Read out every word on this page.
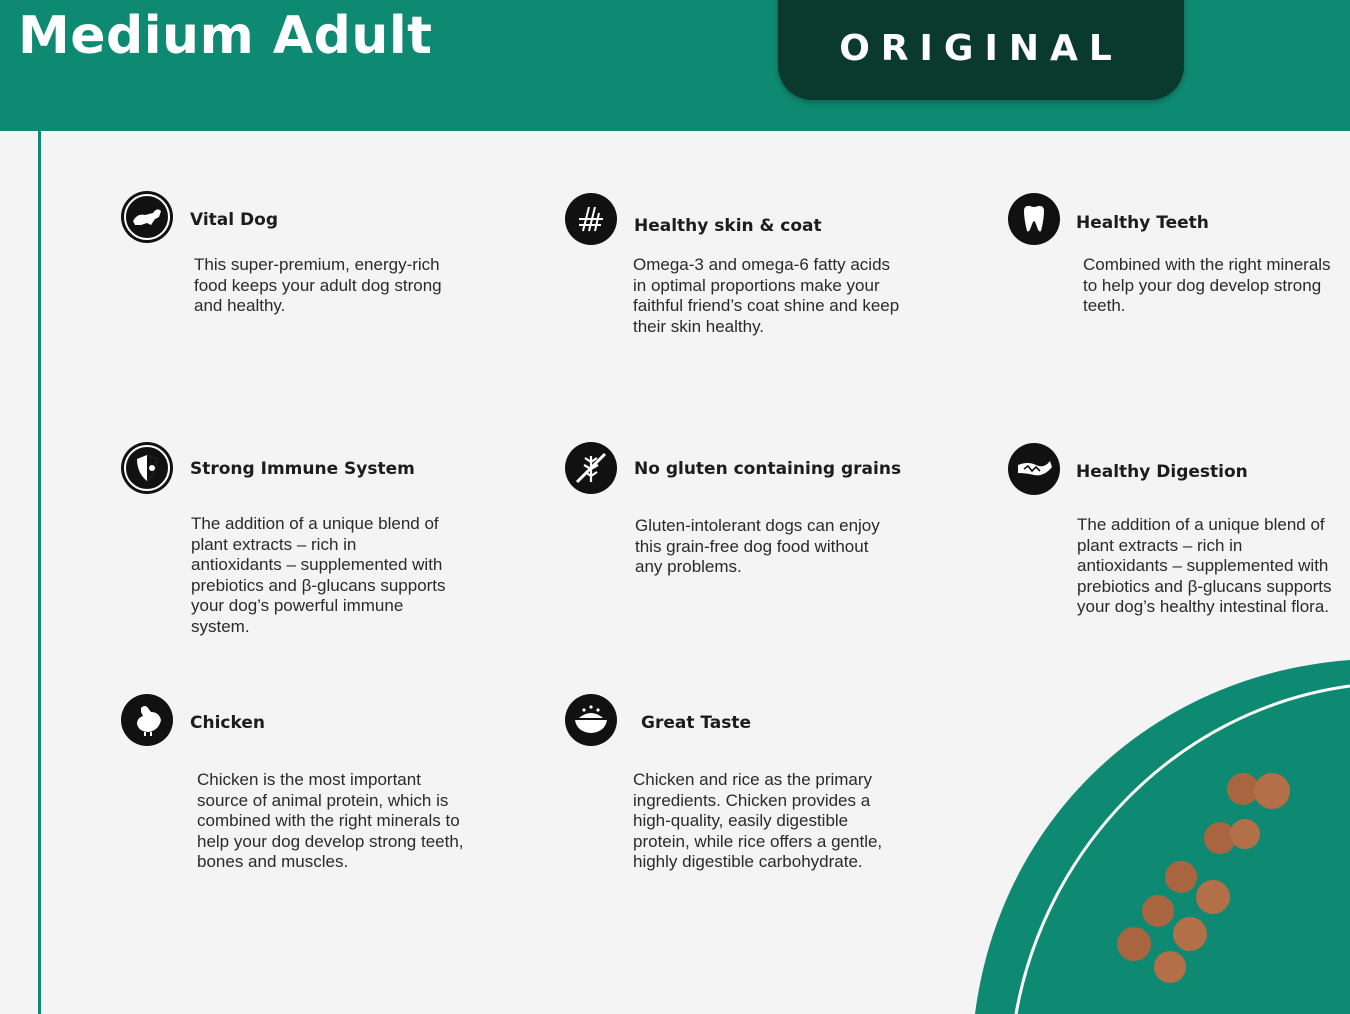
Medium Adult	ORIGINAL
Vital Dog

This super-premium, energy-rich food keeps your adult dog strong and healthy.

Healthy skin & coat

Omega-3 and omega-6 fatty acids in optimal proportions make your faithful friend’s coat shine and keep their skin healthy.

Healthy Teeth

Combined with the right minerals to help your dog develop strong teeth.

Strong Immune System

The addition of a unique blend of plant extracts – rich in antioxidants – supplemented with prebiotics and β-glucans supports your dog’s powerful immune system.

No gluten containing grains

Gluten-intolerant dogs can enjoy this grain-free dog food without any problems.

Healthy Digestion

The addition of a unique blend of plant extracts – rich in antioxidants – supplemented with prebiotics and β-glucans supports your dog’s healthy intestinal flora.

Chicken

Chicken is the most important source of animal protein, which is combined with the right minerals to help your dog develop strong teeth, bones and muscles.

Great Taste

Chicken and rice as the primary ingredients. Chicken provides a high-quality, easily digestible protein, while rice offers a gentle, highly digestible carbohydrate.
